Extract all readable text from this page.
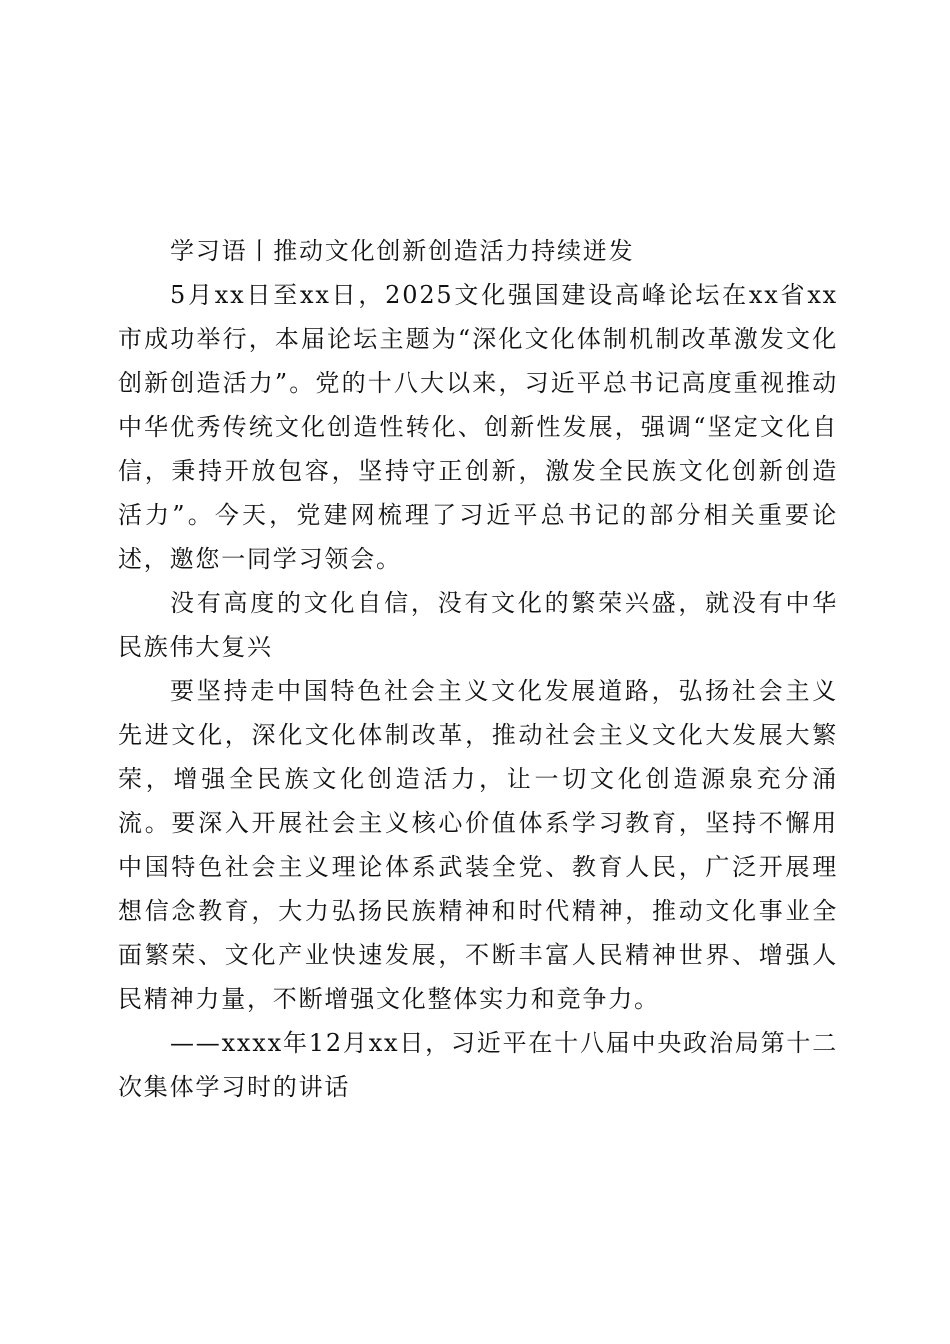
学习语丨推动文化创新创造活力持续迸发

5月xx日至xx日，2025文化强国建设高峰论坛在xx省xx市成功举行，本届论坛主题为“深化文化体制机制改革激发文化创新创造活力”。党的十八大以来，习近平总书记高度重视推动中华优秀传统文化创造性转化、创新性发展，强调“坚定文化自信，秉持开放包容，坚持守正创新，激发全民族文化创新创造活力”。今天，党建网梳理了习近平总书记的部分相关重要论述，邀您一同学习领会。

没有高度的文化自信，没有文化的繁荣兴盛，就没有中华民族伟大复兴

要坚持走中国特色社会主义文化发展道路，弘扬社会主义先进文化，深化文化体制改革，推动社会主义文化大发展大繁荣，增强全民族文化创造活力，让一切文化创造源泉充分涌流。要深入开展社会主义核心价值体系学习教育，坚持不懈用中国特色社会主义理论体系武装全党、教育人民，广泛开展理想信念教育，大力弘扬民族精神和时代精神，推动文化事业全面繁荣、文化产业快速发展，不断丰富人民精神世界、增强人民精神力量，不断增强文化整体实力和竞争力。

——xxxx年12月xx日，习近平在十八届中央政治局第十二次集体学习时的讲话
